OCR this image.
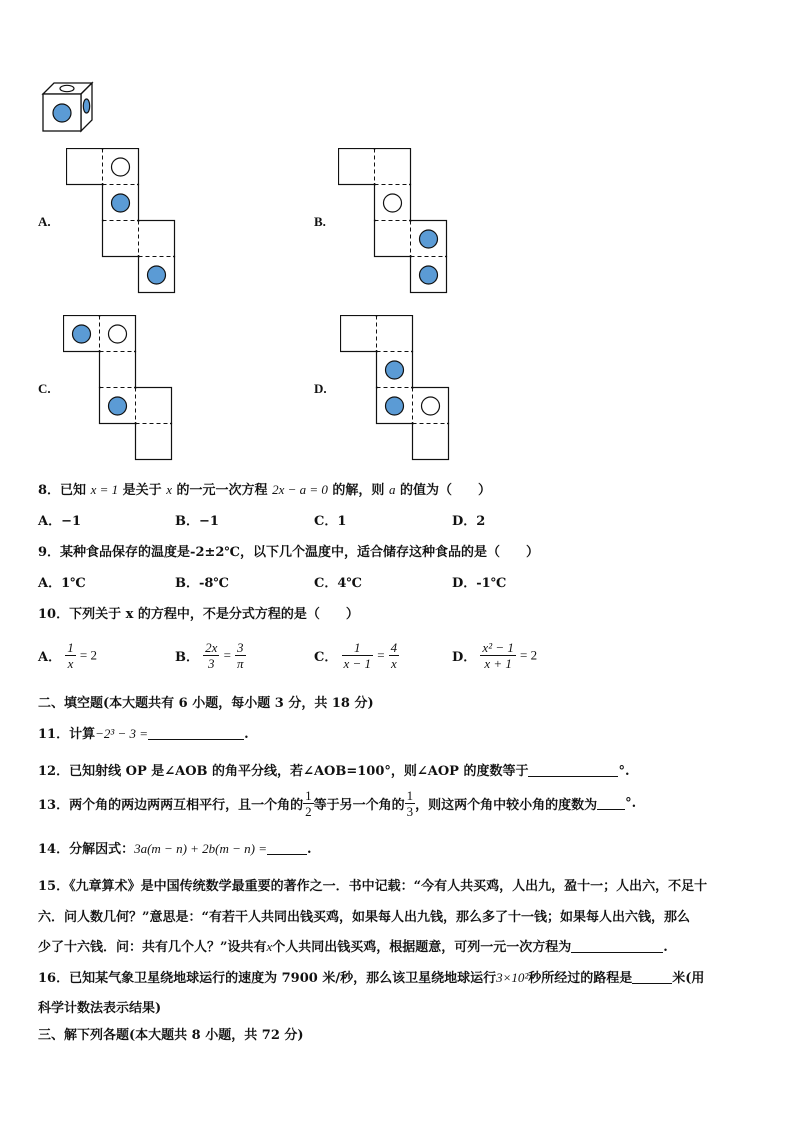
A.	B.
C.	D.
8．已知 x = 1 是关于 x 的一元一次方程 2x − a = 0 的解，则 a 的值为（　　）
A．−1	B．−1	C．1	D．2
9．某种食品保存的温度是-2±2℃，以下几个温度中，适合储存这种食品的是（　　）
A．1℃	B．-8℃	C．4℃	D．-1℃
10．下列关于 x 的方程中，不是分式方程的是（　　）
A． $\frac{1}{x} = 2$	B． $\frac{2x}{3} = \frac{3}{\pi}$	C． $\frac{1}{x - 1} = \frac{4}{x}$	D． $\frac{\text{x² − 1}}{x + 1} = 2$
二、填空题(本大题共有 6 小题，每小题 3 分，共 18 分)
11．计算−2³ − 3 =	.
12．已知射线 OP 是∠AOB 的角平分线，若∠AOB=100°，则∠AOP 的度数等于	°.
13．两个角的两边两两互相平行，且一个角的 $\frac{1}{2}$ 等于另一个角的 $\frac{1}{3}$ ，则这两个角中较小角的度数为 °.
14．分解因式：3a(m − n) + 2b(m − n) =	.
15．《九章算术》是中国传统数学最重要的著作之一．书中记载：“今有人共买鸡，人出九，盈十一；人出六，不足十
六．问人数几何？”意思是：“有若干人共同出钱买鸡，如果每人出九钱，那么多了十一钱；如果每人出六钱，那么
少了十六钱．问：共有几个人？”设共有x个人共同出钱买鸡，根据题意，可列一元一次方程为	.
16．已知某气象卫星绕地球运行的速度为 7900 米/秒，那么该卫星绕地球运行3×10²秒所经过的路程是	米(用
科学计数法表示结果)
三、解下列各题(本大题共 8 小题，共 72 分)
